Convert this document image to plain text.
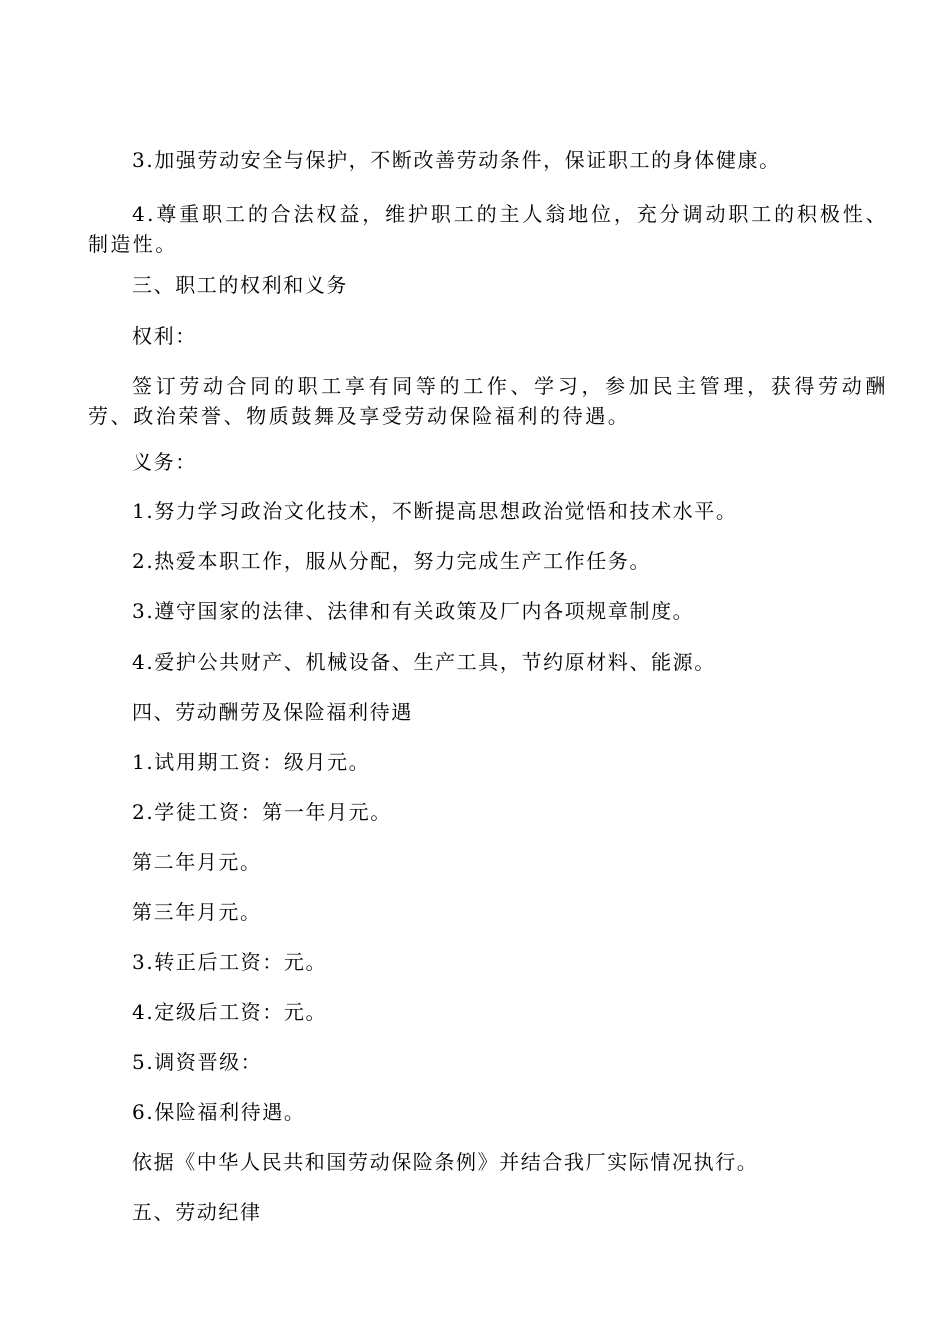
3.加强劳动安全与保护，不断改善劳动条件，保证职工的身体健康。

4.尊重职工的合法权益，维护职工的主人翁地位，充分调动职工的积极性、制造性。

三、职工的权利和义务

权利：

签订劳动合同的职工享有同等的工作、学习，参加民主管理，获得劳动酬劳、政治荣誉、物质鼓舞及享受劳动保险福利的待遇。

义务：

1.努力学习政治文化技术，不断提高思想政治觉悟和技术水平。

2.热爱本职工作，服从分配，努力完成生产工作任务。

3.遵守国家的法律、法律和有关政策及厂内各项规章制度。

4.爱护公共财产、机械设备、生产工具，节约原材料、能源。

四、劳动酬劳及保险福利待遇

1.试用期工资：级月元。

2.学徒工资：第一年月元。

第二年月元。

第三年月元。

3.转正后工资：元。

4.定级后工资：元。

5.调资晋级：

6.保险福利待遇。

依据《中华人民共和国劳动保险条例》并结合我厂实际情况执行。

五、劳动纪律
